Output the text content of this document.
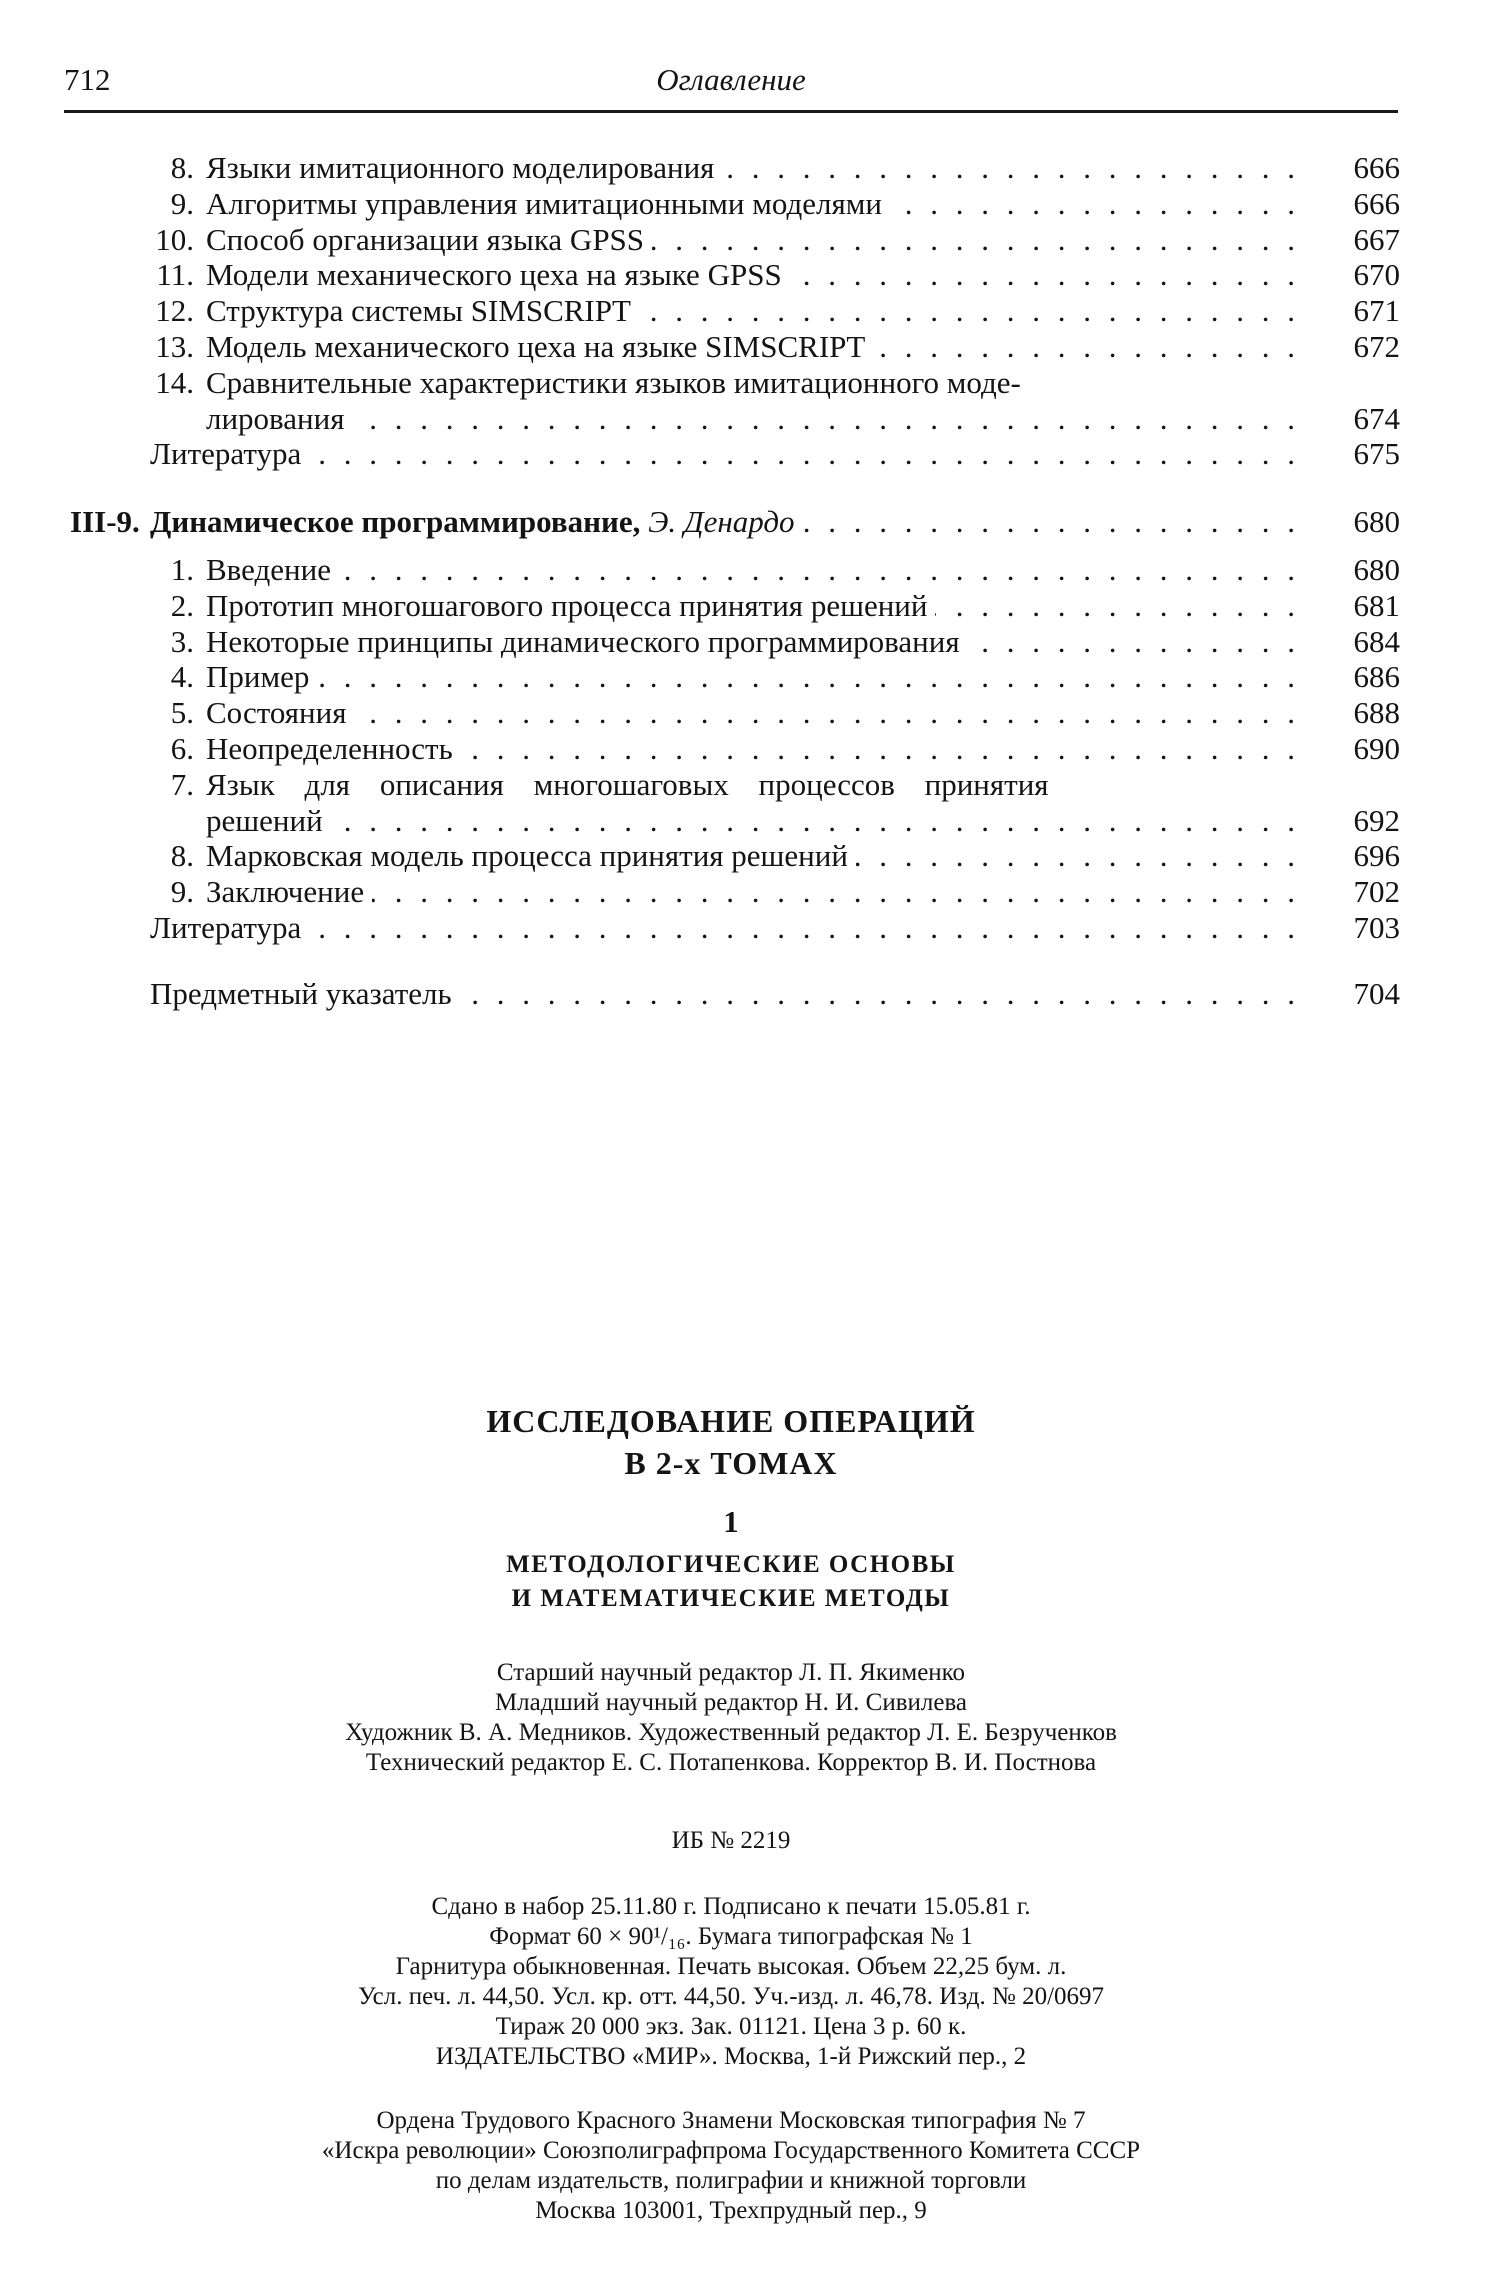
712	Оглавление
8. Языки имитационного моделирования . . .	666
9. Алгоритмы управления имитационными моделями . . .	666
10. Способ организации языка GPSS . . .	667
11. Модели механического цеха на языке GPSS . . .	670
12. Структура системы SIMSCRIPT . . .	671
13. Модель механического цеха на языке SIMSCRIPT . . .	672
14. Сравнительные характеристики языков имитационного моде-
лирования . . .	674
Литература . . .	675
III-9. Динамическое программирование, Э. Денардо . . .	680
1. Введение . . .	680
2. Прототип многошагового процесса принятия решений . . .	681
3. Некоторые принципы динамического программирования . . .	684
4. Пример . . .	686
5. Состояния . . .	688
6. Неопределенность . . .	690
7. Язык для описания многошаговых процессов принятия
решений . . .	692
8. Марковская модель процесса принятия решений . . .	696
9. Заключение . . .	702
Литература . . .	703
Предметный указатель . . .	704
ИССЛЕДОВАНИЕ ОПЕРАЦИЙ
В 2-х ТОМАХ
1
МЕТОДОЛОГИЧЕСКИЕ ОСНОВЫ
И МАТЕМАТИЧЕСКИЕ МЕТОДЫ
Старший научный редактор Л. П. Якименко
Младший научный редактор Н. И. Сивилева
Художник В. А. Медников. Художественный редактор Л. Е. Безрученков
Технический редактор Е. С. Потапенкова. Корректор В. И. Постнова
ИБ № 2219
Сдано в набор 25.11.80 г. Подписано к печати 15.05.81 г.
Формат 60 × 90¹/₁₆. Бумага типографская № 1
Гарнитура обыкновенная. Печать высокая. Объем 22,25 бум. л.
Усл. печ. л. 44,50. Усл. кр. отт. 44,50. Уч.-изд. л. 46,78. Изд. № 20/0697
Тираж 20 000 экз. Зак. 01121. Цена 3 р. 60 к.
ИЗДАТЕЛЬСТВО «МИР». Москва, 1-й Рижский пер., 2
Ордена Трудового Красного Знамени Московская типография № 7
«Искра революции» Союзполиграфпрома Государственного Комитета СССР
по делам издательств, полиграфии и книжной торговли
Москва 103001, Трехпрудный пер., 9
